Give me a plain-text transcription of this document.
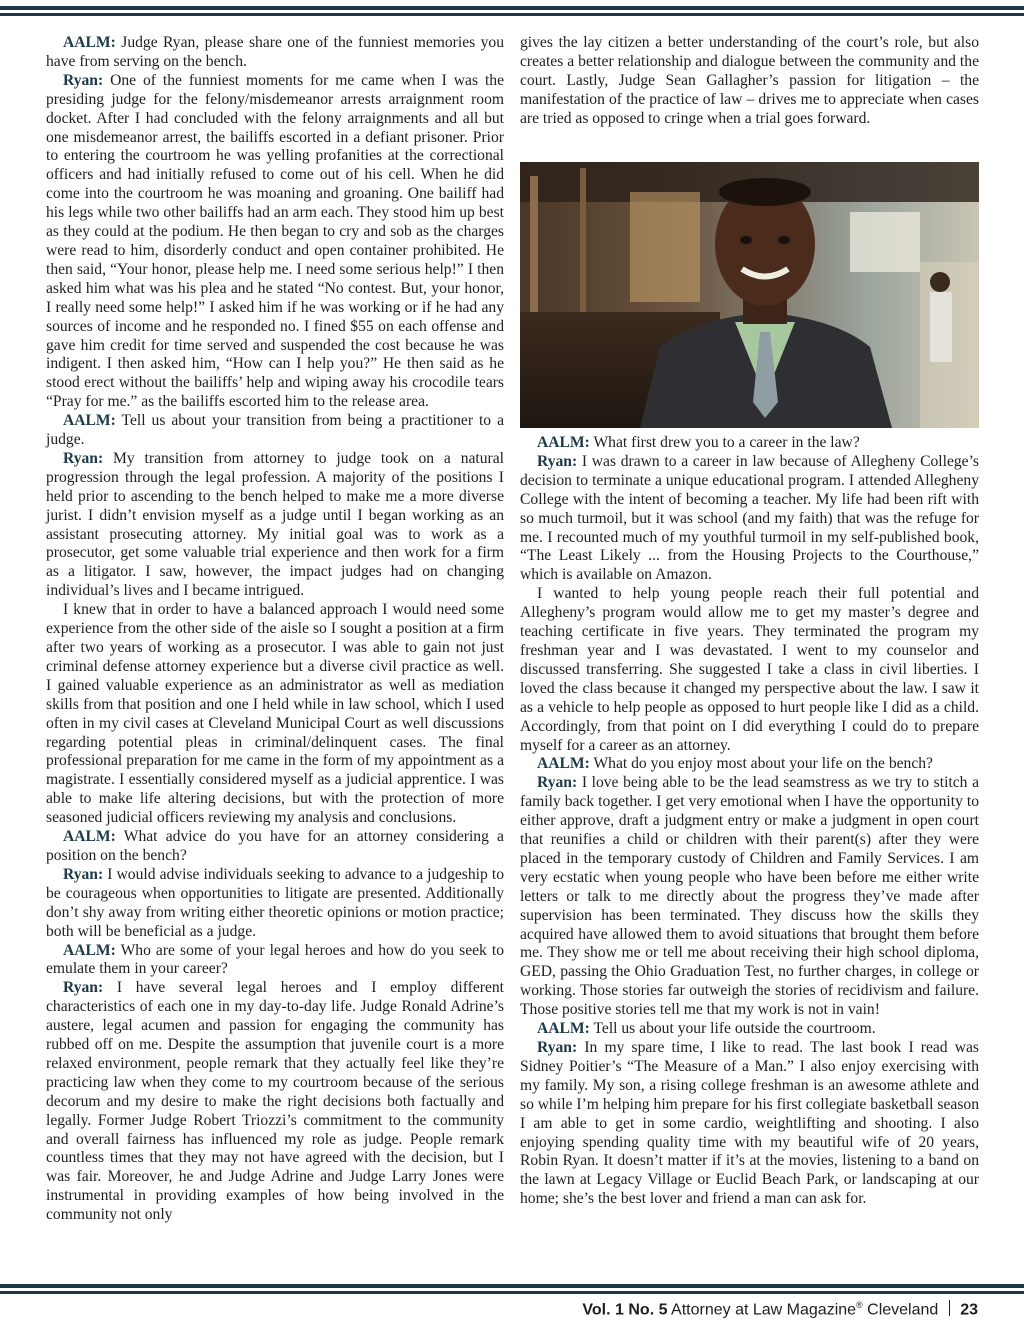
AALM: Judge Ryan, please share one of the funniest memories you have from serving on the bench.

Ryan: One of the funniest moments for me came when I was the presiding judge for the felony/misdemeanor arrests arraignment room docket. After I had concluded with the felony arraignments and all but one misdemeanor arrest, the bailiffs escorted in a defiant prisoner. Prior to entering the courtroom he was yelling profanities at the correctional officers and had initially refused to come out of his cell. When he did come into the courtroom he was moaning and groaning. One bailiff had his legs while two other bailiffs had an arm each. They stood him up best as they could at the podium. He then began to cry and sob as the charges were read to him, disorderly conduct and open container prohibited. He then said, “Your honor, please help me. I need some serious help!” I then asked him what was his plea and he stated “No contest. But, your honor, I really need some help!” I asked him if he was working or if he had any sources of income and he responded no. I fined $55 on each offense and gave him credit for time served and suspended the cost because he was indigent. I then asked him, “How can I help you?” He then said as he stood erect without the bailiffs’ help and wiping away his crocodile tears “Pray for me.” as the bailiffs escorted him to the release area.

AALM: Tell us about your transition from being a practitioner to a judge.

Ryan: My transition from attorney to judge took on a natural progression through the legal profession. A majority of the positions I held prior to ascending to the bench helped to make me a more diverse jurist. I didn’t envision myself as a judge until I began working as an assistant prosecuting attorney. My initial goal was to work as a prosecutor, get some valuable trial experience and then work for a firm as a litigator. I saw, however, the impact judges had on changing individual’s lives and I became intrigued.

I knew that in order to have a balanced approach I would need some experience from the other side of the aisle so I sought a position at a firm after two years of working as a prosecutor. I was able to gain not just criminal defense attorney experience but a diverse civil practice as well. I gained valuable experience as an administrator as well as mediation skills from that position and one I held while in law school, which I used often in my civil cases at Cleveland Municipal Court as well discussions regarding potential pleas in criminal/delinquent cases. The final professional preparation for me came in the form of my appointment as a magistrate. I essentially considered myself as a judicial apprentice. I was able to make life altering decisions, but with the protection of more seasoned judicial officers reviewing my analysis and conclusions.

AALM: What advice do you have for an attorney considering a position on the bench?

Ryan: I would advise individuals seeking to advance to a judgeship to be courageous when opportunities to litigate are presented. Additionally don’t shy away from writing either theoretic opinions or motion practice; both will be beneficial as a judge.

AALM: Who are some of your legal heroes and how do you seek to emulate them in your career?

Ryan: I have several legal heroes and I employ different characteristics of each one in my day-to-day life. Judge Ronald Adrine’s austere, legal acumen and passion for engaging the community has rubbed off on me. Despite the assumption that juvenile court is a more relaxed environment, people remark that they actually feel like they’re practicing law when they come to my courtroom because of the serious decorum and my desire to make the right decisions both factually and legally. Former Judge Robert Triozzi’s commitment to the community and overall fairness has influenced my role as judge. People remark countless times that they may not have agreed with the decision, but I was fair. Moreover, he and Judge Adrine and Judge Larry Jones were instrumental in providing examples of how being involved in the community not only

gives the lay citizen a better understanding of the court’s role, but also creates a better relationship and dialogue between the community and the court. Lastly, Judge Sean Gallagher’s passion for litigation – the manifestation of the practice of law – drives me to appreciate when cases are tried as opposed to cringe when a trial goes forward.

AALM: What first drew you to a career in the law?

Ryan: I was drawn to a career in law because of Allegheny College’s decision to terminate a unique educational program. I attended Allegheny College with the intent of becoming a teacher. My life had been rift with so much turmoil, but it was school (and my faith) that was the refuge for me. I recounted much of my youthful turmoil in my self-published book, “The Least Likely ... from the Housing Projects to the Courthouse,” which is available on Amazon.

I wanted to help young people reach their full potential and Allegheny’s program would allow me to get my master’s degree and teaching certificate in five years. They terminated the program my freshman year and I was devastated. I went to my counselor and discussed transferring. She suggested I take a class in civil liberties. I loved the class because it changed my perspective about the law. I saw it as a vehicle to help people as opposed to hurt people like I did as a child. Accordingly, from that point on I did everything I could do to prepare myself for a career as an attorney.

AALM: What do you enjoy most about your life on the bench?

Ryan: I love being able to be the lead seamstress as we try to stitch a family back together. I get very emotional when I have the opportunity to either approve, draft a judgment entry or make a judgment in open court that reunifies a child or children with their parent(s) after they were placed in the temporary custody of Children and Family Services. I am very ecstatic when young people who have been before me either write letters or talk to me directly about the progress they’ve made after supervision has been terminated. They discuss how the skills they acquired have allowed them to avoid situations that brought them before me. They show me or tell me about receiving their high school diploma, GED, passing the Ohio Graduation Test, no further charges, in college or working. Those stories far outweigh the stories of recidivism and failure. Those positive stories tell me that my work is not in vain!

AALM: Tell us about your life outside the courtroom.

Ryan: In my spare time, I like to read. The last book I read was Sidney Poitier’s “The Measure of a Man.” I also enjoy exercising with my family. My son, a rising college freshman is an awesome athlete and so while I’m helping him prepare for his first collegiate basketball season I am able to get in some cardio, weightlifting and shooting. I also enjoying spending quality time with my beautiful wife of 20 years, Robin Ryan. It doesn’t matter if it’s at the movies, listening to a band on the lawn at Legacy Village or Euclid Beach Park, or landscaping at our home; she’s the best lover and friend a man can ask for.

Vol. 1 No. 5 Attorney at Law Magazine® Cleveland 23
